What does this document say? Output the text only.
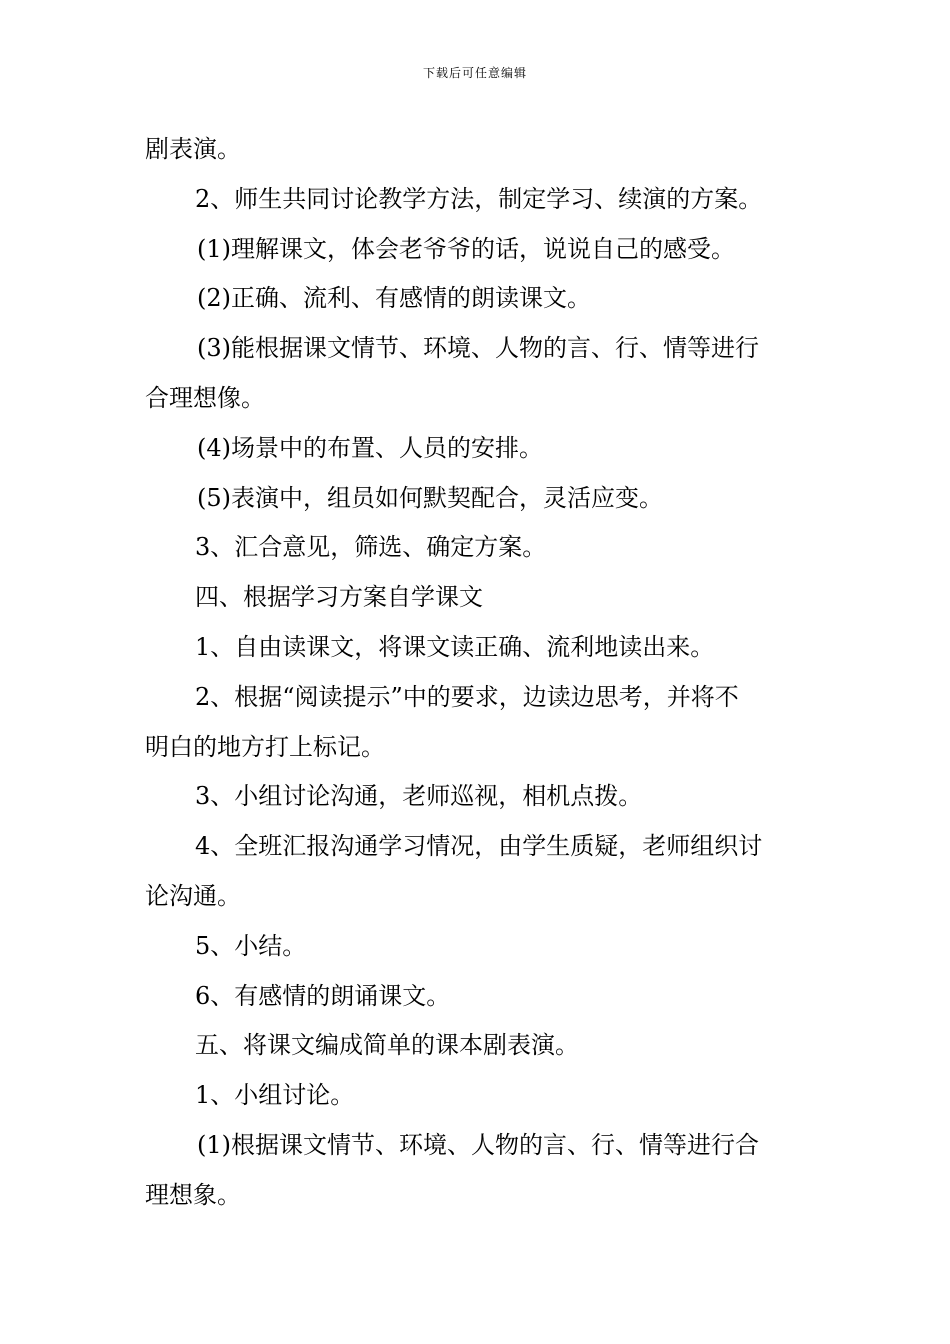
下载后可任意编辑

剧表演。

2、师生共同讨论教学方法，制定学习、续演的方案。

(1)理解课文，体会老爷爷的话，说说自己的感受。

(2)正确、流利、有感情的朗读课文。

(3)能根据课文情节、环境、人物的言、行、情等进行

合理想像。

(4)场景中的布置、人员的安排。

(5)表演中，组员如何默契配合，灵活应变。

3、汇合意见，筛选、确定方案。

四、根据学习方案自学课文

1、自由读课文，将课文读正确、流利地读出来。

2、根据“阅读提示”中的要求，边读边思考，并将不

明白的地方打上标记。

3、小组讨论沟通，老师巡视，相机点拨。

4、全班汇报沟通学习情况，由学生质疑，老师组织讨

论沟通。

5、小结。

6、有感情的朗诵课文。

五、将课文编成简单的课本剧表演。

1、小组讨论。

(1)根据课文情节、环境、人物的言、行、情等进行合

理想象。
